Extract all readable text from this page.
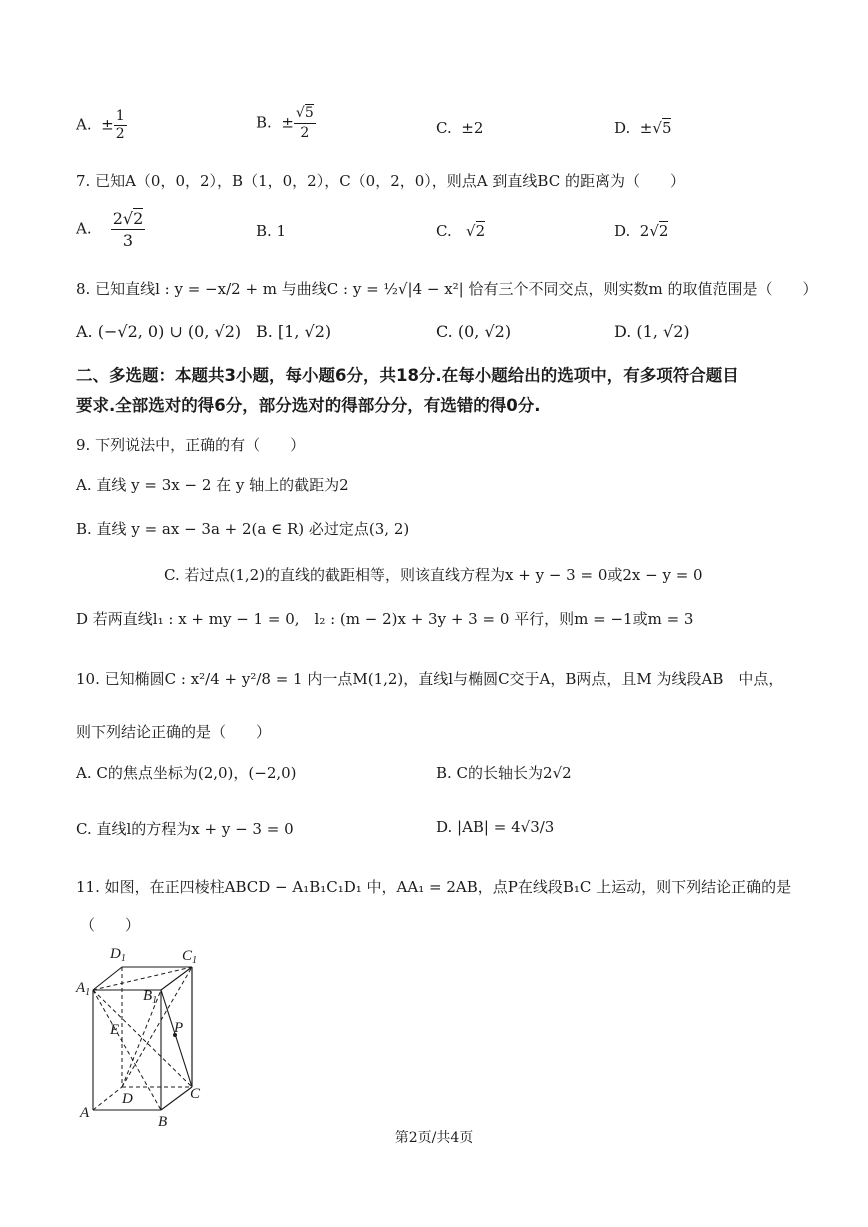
A.  ± $\frac{1}{2}$	B.  ± $\frac{√5}{2}$	C.  ±2	D.  ±√5
7. 已知A（0，0，2），B（1，0，2），C（0，2，0），则点A 到直线BC 的距离为（　　）
A. $\frac{2√2}{3}$	B. 1	C.   √2	D.  2√2
8. 已知直线l : y = −x/2 + m 与曲线C : y = ½√|4 − x²| 恰有三个不同交点，则实数m 的取值范围是（　　）
A. (−√2, 0) ∪ (0, √2) B. [1, √2)	C. (0, √2)	D. (1, √2)
二、多选题：本题共3小题，每小题6分，共18分.在每小题给出的选项中，有多项符合题目
要求.全部选对的得6分，部分选对的得部分分，有选错的得0分.
9. 下列说法中，正确的有（　　）
A. 直线 y = 3x − 2 在 y 轴上的截距为2
B. 直线 y = ax − 3a + 2(a ∈ R) 必过定点(3, 2)
C. 若过点(1,2)的直线的截距相等，则该直线方程为x + y − 3 = 0或2x − y = 0
D 若两直线l₁ : x + my − 1 = 0,　l₂ : (m − 2)x + 3y + 3 = 0 平行，则m = −1或m = 3
10. 已知椭圆C : x²/4 + y²/8 = 1 内一点M(1,2)，直线l与椭圆C交于A，B两点，且M 为线段AB　中点，
则下列结论正确的是（　　）
A. C的焦点坐标为(2,0)，(−2,0)	B. C的长轴长为2√2
C. 直线l的方程为x + y − 3 = 0	D. |AB| = 4√3/3
11. 如图，在正四棱柱ABCD − A₁B₁C₁D₁ 中，AA₁ = 2AB，点P在线段B₁C 上运动，则下列结论正确的是
（　　）
$D_1$	$C_1$
$A_1$	$B_1$
E	P
D	C
A
B
第2页/共4页
